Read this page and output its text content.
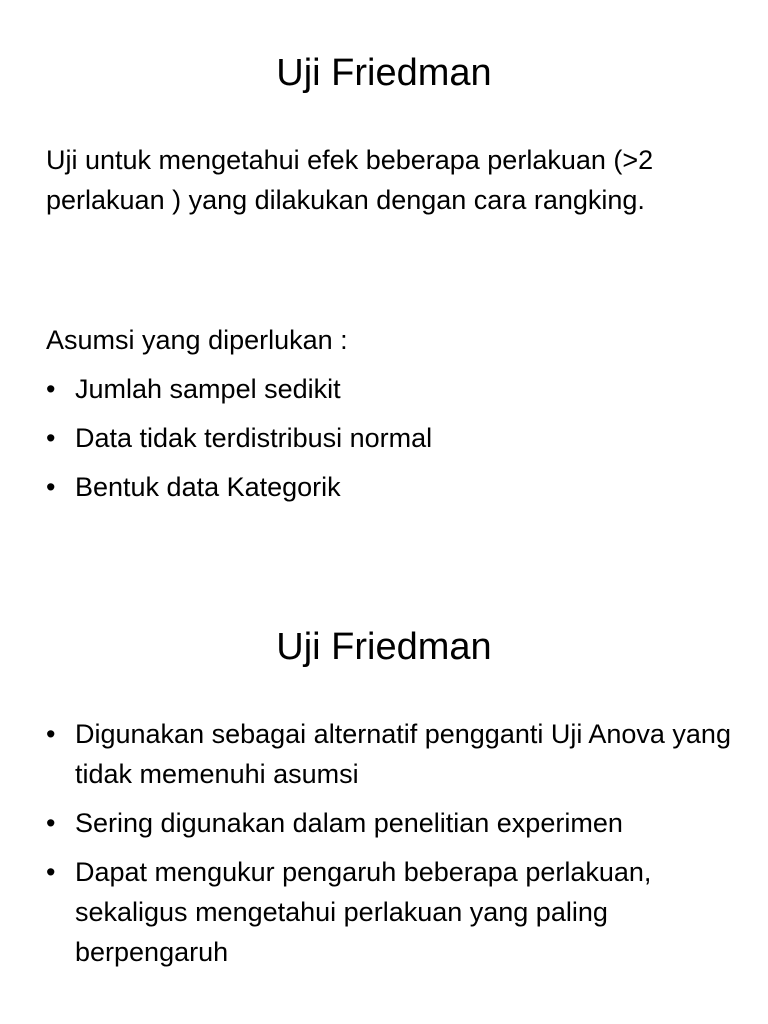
Uji Friedman
Uji untuk mengetahui efek beberapa perlakuan (>2 perlakuan ) yang dilakukan dengan cara rangking.
Asumsi yang diperlukan :
• Jumlah sampel sedikit
• Data tidak terdistribusi normal
• Bentuk data Kategorik
Uji Friedman
• Digunakan sebagai alternatif pengganti Uji Anova yang tidak memenuhi asumsi
• Sering digunakan dalam penelitian experimen
• Dapat mengukur pengaruh beberapa perlakuan, sekaligus mengetahui perlakuan yang paling berpengaruh
